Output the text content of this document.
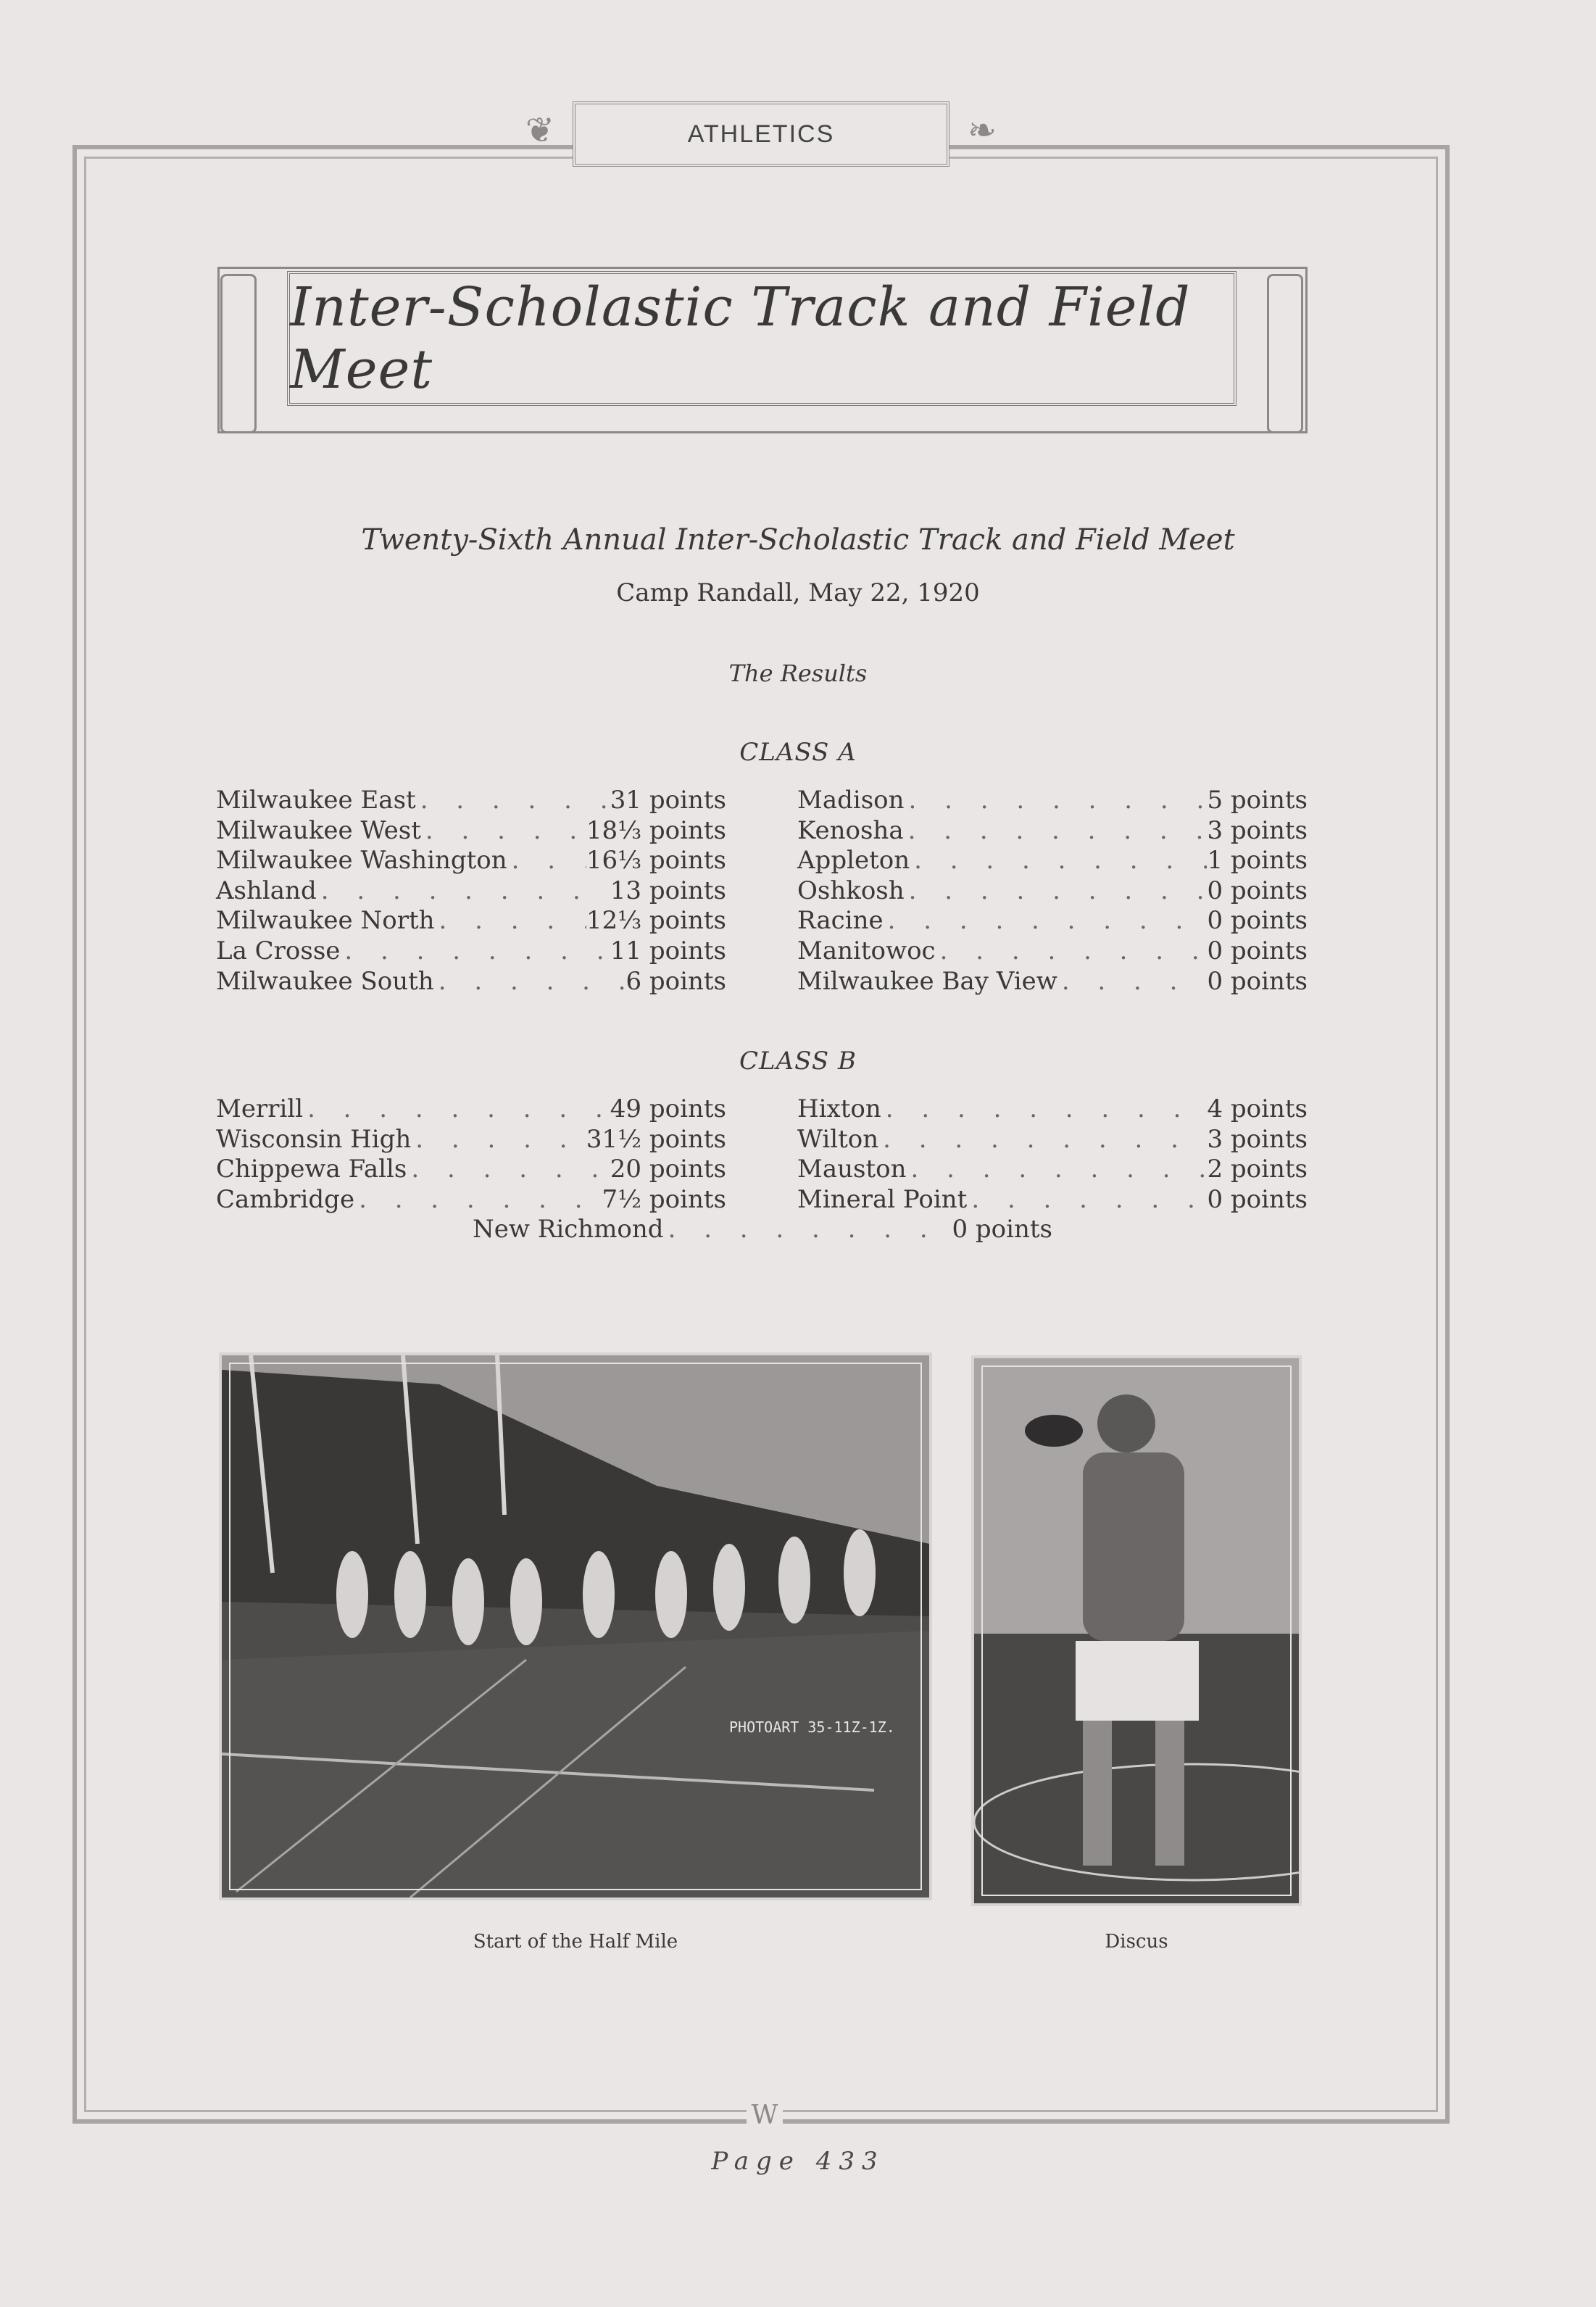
❦	❧
ATHLETICS
Inter-Scholastic Track and Field Meet
Twenty-Sixth Annual Inter-Scholastic Track and Field Meet
Camp Randall, May 22, 1920
The Results
CLASS A
Milwaukee East . . .	31 points
Milwaukee West . . .	18⅓ points
Milwaukee Washington . . .	16⅓ points
Ashland . . .	13 points
Milwaukee North . . .	12⅓ points
La Crosse . . .	11 points
Milwaukee South . . .	6 points
Madison . . .	5 points
Kenosha . . .	3 points
Appleton . . .	1 points
Oshkosh . . .	0 points
Racine . . .	0 points
Manitowoc . . .	0 points
Milwaukee Bay View . . .	0 points
CLASS B
Merrill . . .	49 points
Wisconsin High . . .	31½ points
Chippewa Falls . . .	20 points
Cambridge . . .	7½ points
Hixton . . .	4 points
Wilton . . .	3 points
Mauston . . .	2 points
Mineral Point . . .	0 points
New Richmond . . .	0 points
PHOTOART 35-11Z-1Z.
Start of the Half Mile	Discus
W
Page 433
